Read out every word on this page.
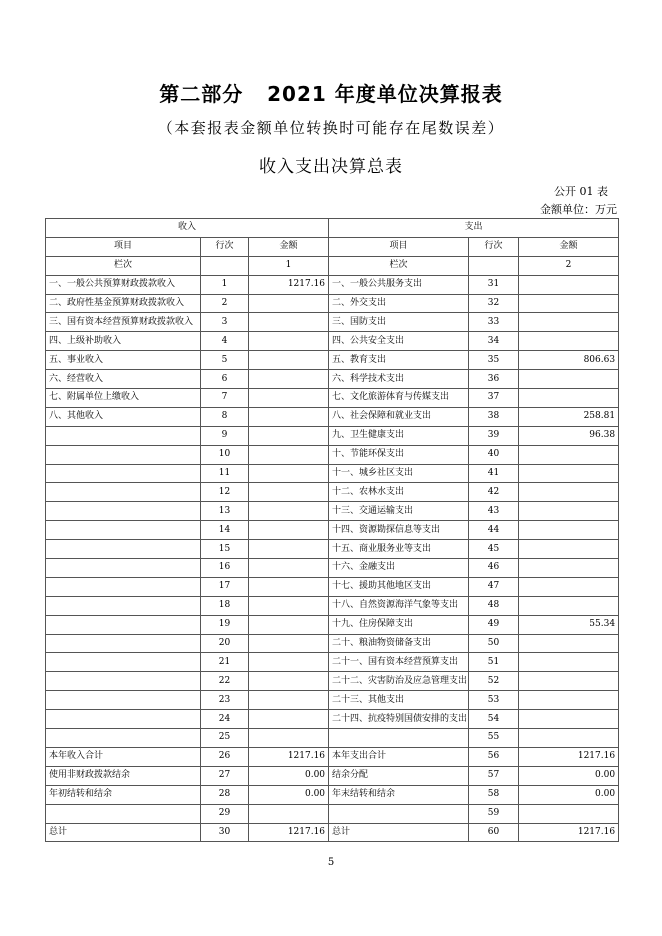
第二部分   2021 年度单位决算报表
（本套报表金额单位转换时可能存在尾数误差）
收入支出决算总表
公开 01 表
金额单位：万元
收入			支出		
项目	行次	金额	项目	行次	金额
栏次		1	栏次		2
一、一般公共预算财政拨款收入	1	1217.16	一、一般公共服务支出	31	
二、政府性基金预算财政拨款收入	2		二、外交支出	32	
三、国有资本经营预算财政拨款收入	3		三、国防支出	33	
四、上级补助收入	4		四、公共安全支出	34	
五、事业收入	5		五、教育支出	35	806.63
六、经营收入	6		六、科学技术支出	36	
七、附属单位上缴收入	7		七、文化旅游体育与传媒支出	37	
八、其他收入	8		八、社会保障和就业支出	38	258.81
	9		九、卫生健康支出	39	96.38
	10		十、节能环保支出	40	
	11		十一、城乡社区支出	41	
	12		十二、农林水支出	42	
	13		十三、交通运输支出	43	
	14		十四、资源勘探信息等支出	44	
	15		十五、商业服务业等支出	45	
	16		十六、金融支出	46	
	17		十七、援助其他地区支出	47	
	18		十八、自然资源海洋气象等支出	48	
	19		十九、住房保障支出	49	55.34
	20		二十、粮油物资储备支出	50	
	21		二十一、国有资本经营预算支出	51	
	22		二十二、灾害防治及应急管理支出	52	
	23		二十三、其他支出	53	
	24		二十四、抗疫特别国债安排的支出	54	
	25			55	
本年收入合计	26	1217.16	本年支出合计	56	1217.16
使用非财政拨款结余	27	0.00	结余分配	57	0.00
年初结转和结余	28	0.00	年末结转和结余	58	0.00
	29			59	
总计	30	1217.16	总计	60	1217.16
5
